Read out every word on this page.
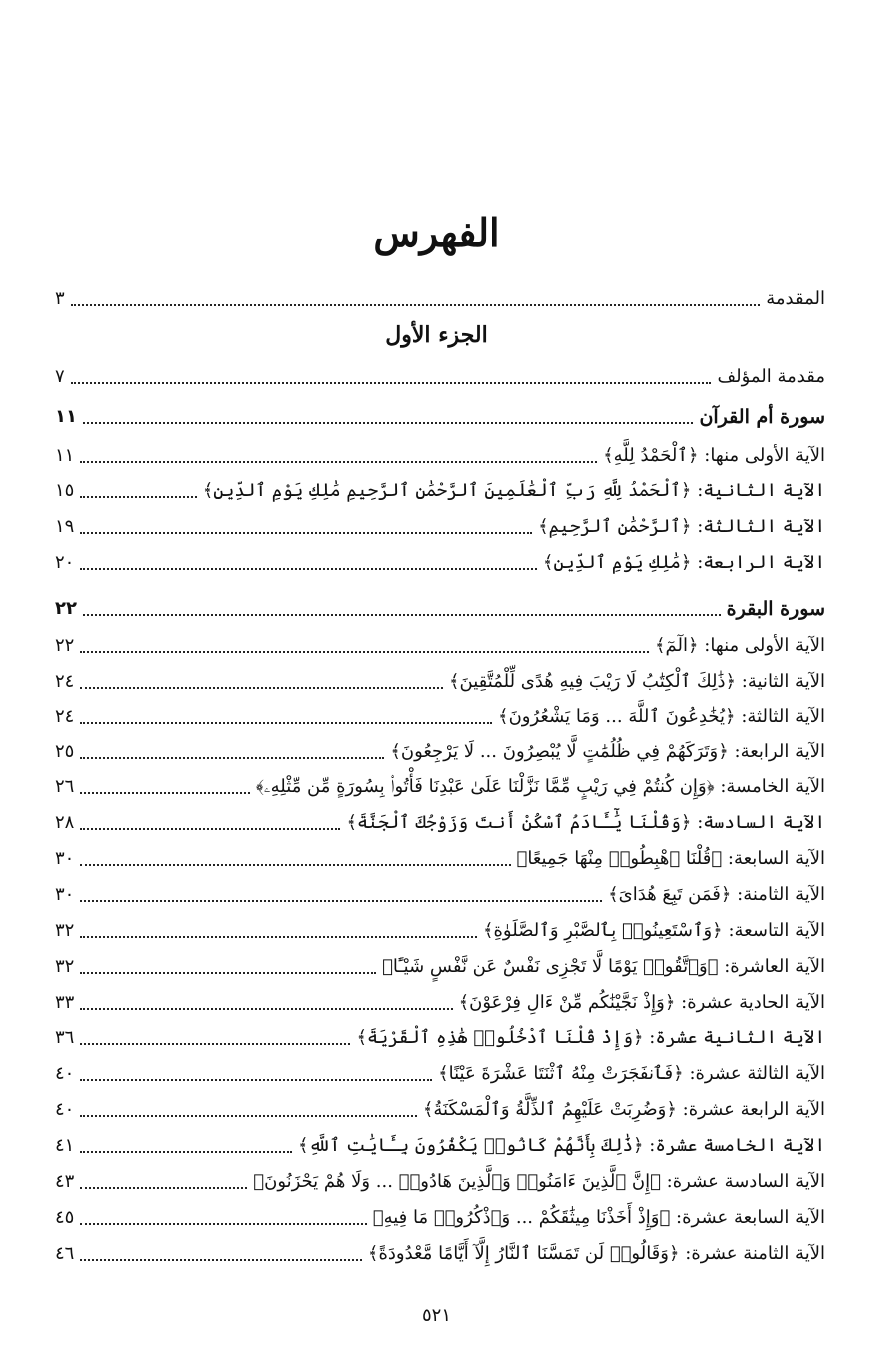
الفهرس
المقدمة
٣
الجزء الأول
مقدمة المؤلف
٧
سورة أم القرآن
١١
الآية الأولى منها: ﴿ٱلْحَمْدُ لِلَّهِ﴾
١١
الآية الثانية: ﴿ٱلْحَمْدُ لِلَّهِ رَبِّ ٱلْعَٰلَمِينَ ٱلرَّحْمَٰنِ ٱلرَّحِيمِ مَٰلِكِ يَوْمِ ٱلدِّينِ﴾
١٥
الآية الثالثة: ﴿ٱلرَّحْمَٰنِ ٱلرَّحِيمِ﴾
١٩
الآية الرابعة: ﴿مَٰلِكِ يَوْمِ ٱلدِّينِ﴾
٢٠
سورة البقرة
٢٢
الآية الأولى منها: ﴿الٓمٓ﴾
٢٢
الآية الثانية: ﴿ذَٰلِكَ ٱلْكِتَٰبُ لَا رَيْبَ فِيهِ هُدًى لِّلْمُتَّقِينَ﴾
٢٤
الآية الثالثة: ﴿يُخَٰدِعُونَ ٱللَّهَ ... وَمَا يَشْعُرُونَ﴾
٢٤
الآية الرابعة: ﴿وَتَرَكَهُمْ فِي ظُلُمَٰتٍ لَّا يُبْصِرُونَ ... لَا يَرْجِعُونَ﴾
٢٥
الآية الخامسة: ﴿وَإِن كُنتُمْ فِي رَيْبٍ مِّمَّا نَزَّلْنَا عَلَىٰ عَبْدِنَا فَأْتُوا۟ بِسُورَةٍ مِّن مِّثْلِهِۦ﴾
٢٦
الآية السادسة: ﴿وَقُلْنَا يَٰٓـَٔادَمُ ٱسْكُنْ أَنتَ وَزَوْجُكَ ٱلْجَنَّةَ﴾
٢٨
الآية السابعة: ﴿قُلْنَا ٱهْبِطُوا۟ مِنْهَا جَمِيعًا﴾
٣٠
الآية الثامنة: ﴿فَمَن تَبِعَ هُدَاىَ﴾
٣٠
الآية التاسعة: ﴿وَٱسْتَعِينُوا۟ بِٱلصَّبْرِ وَٱلصَّلَوٰةِ﴾
٣٢
الآية العاشرة: ﴿وَٱتَّقُوا۟ يَوْمًا لَّا تَجْزِى نَفْسٌ عَن نَّفْسٍ شَيْـًٔا﴾
٣٢
الآية الحادية عشرة: ﴿وَإِذْ نَجَّيْنَٰكُم مِّنْ ءَالِ فِرْعَوْنَ﴾
٣٣
الآية الثانية عشرة: ﴿وَإِذْ قُلْنَا ٱدْخُلُوا۟ هَٰذِهِ ٱلْقَرْيَةَ﴾
٣٦
الآية الثالثة عشرة: ﴿فَٱنفَجَرَتْ مِنْهُ ٱثْنَتَا عَشْرَةَ عَيْنًا﴾
٤٠
الآية الرابعة عشرة: ﴿وَضُرِبَتْ عَلَيْهِمُ ٱلذِّلَّةُ وَٱلْمَسْكَنَةُ﴾
٤٠
الآية الخامسة عشرة: ﴿ذَٰلِكَ بِأَنَّهُمْ كَانُوا۟ يَكْفُرُونَ بِـَٔايَٰتِ ٱللَّهِ﴾
٤١
الآية السادسة عشرة: ﴿إِنَّ ٱلَّذِينَ ءَامَنُوا۟ وَٱلَّذِينَ هَادُوا۟ ... وَلَا هُمْ يَحْزَنُونَ﴾
٤٣
الآية السابعة عشرة: ﴿وَإِذْ أَخَذْنَا مِيثَٰقَكُمْ ... وَٱذْكُرُوا۟ مَا فِيهِ﴾
٤٥
الآية الثامنة عشرة: ﴿وَقَالُوا۟ لَن تَمَسَّنَا ٱلنَّارُ إِلَّآ أَيَّامًا مَّعْدُودَةً﴾
٤٦
٥٢١
